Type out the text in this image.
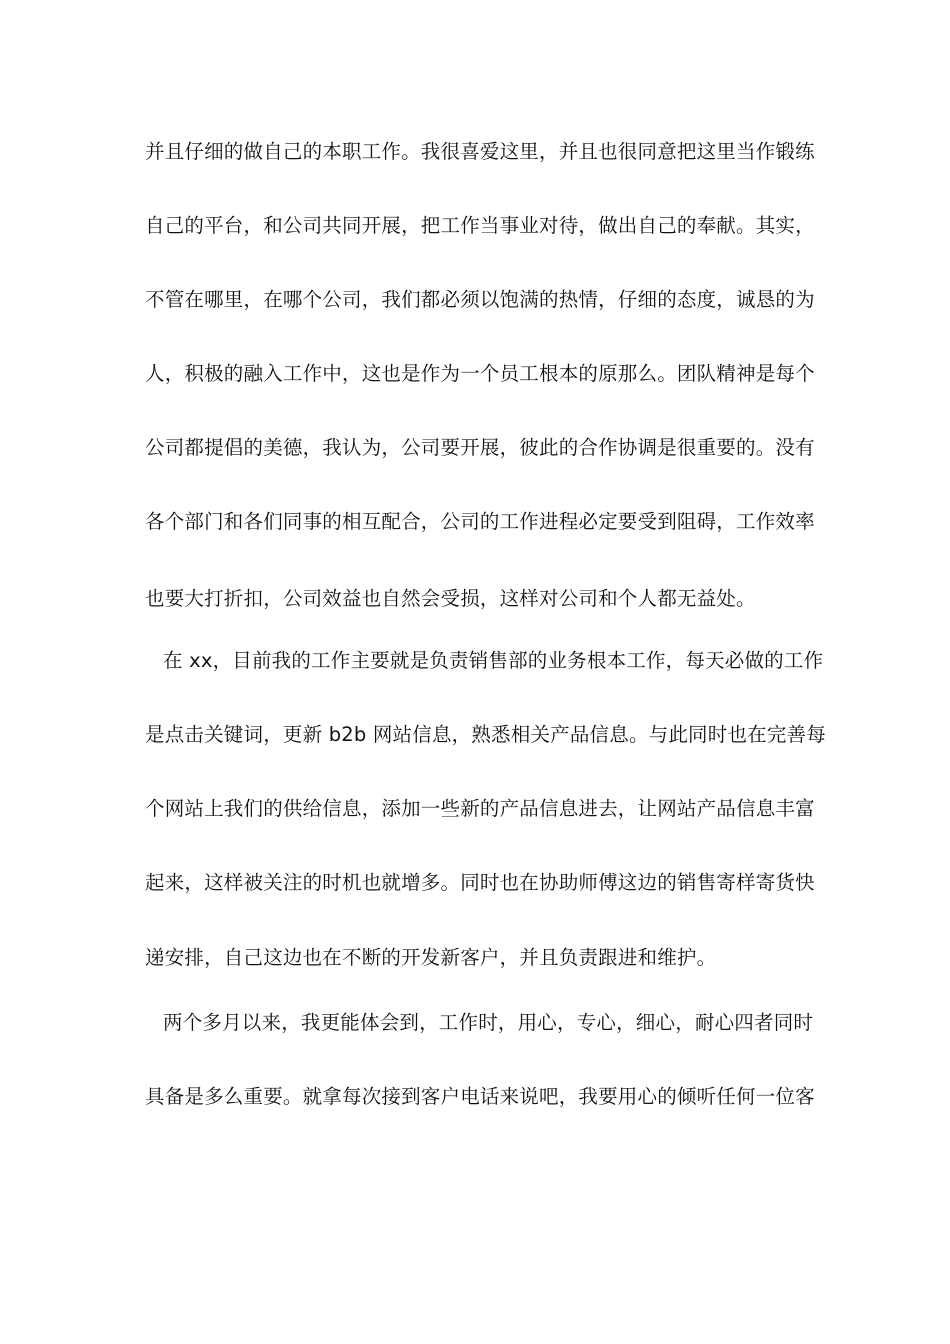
并且仔细的做自己的本职工作。我很喜爱这里，并且也很同意把这里当作锻练
自己的平台，和公司共同开展，把工作当事业对待，做出自己的奉献。其实，
不管在哪里，在哪个公司，我们都必须以饱满的热情，仔细的态度，诚恳的为
人，积极的融入工作中，这也是作为一个员工根本的原那么。团队精神是每个
公司都提倡的美德，我认为，公司要开展，彼此的合作协调是很重要的。没有
各个部门和各们同事的相互配合，公司的工作进程必定要受到阻碍，工作效率
也要大打折扣，公司效益也自然会受损，这样对公司和个人都无益处。
在 xx，目前我的工作主要就是负责销售部的业务根本工作，每天必做的工作
是点击关键词，更新 b2b 网站信息，熟悉相关产品信息。与此同时也在完善每
个网站上我们的供给信息，添加一些新的产品信息进去，让网站产品信息丰富
起来，这样被关注的时机也就增多。同时也在协助师傅这边的销售寄样寄货快
递安排，自己这边也在不断的开发新客户，并且负责跟进和维护。
两个多月以来，我更能体会到，工作时，用心，专心，细心，耐心四者同时
具备是多么重要。就拿每次接到客户电话来说吧，我要用心的倾听任何一位客
